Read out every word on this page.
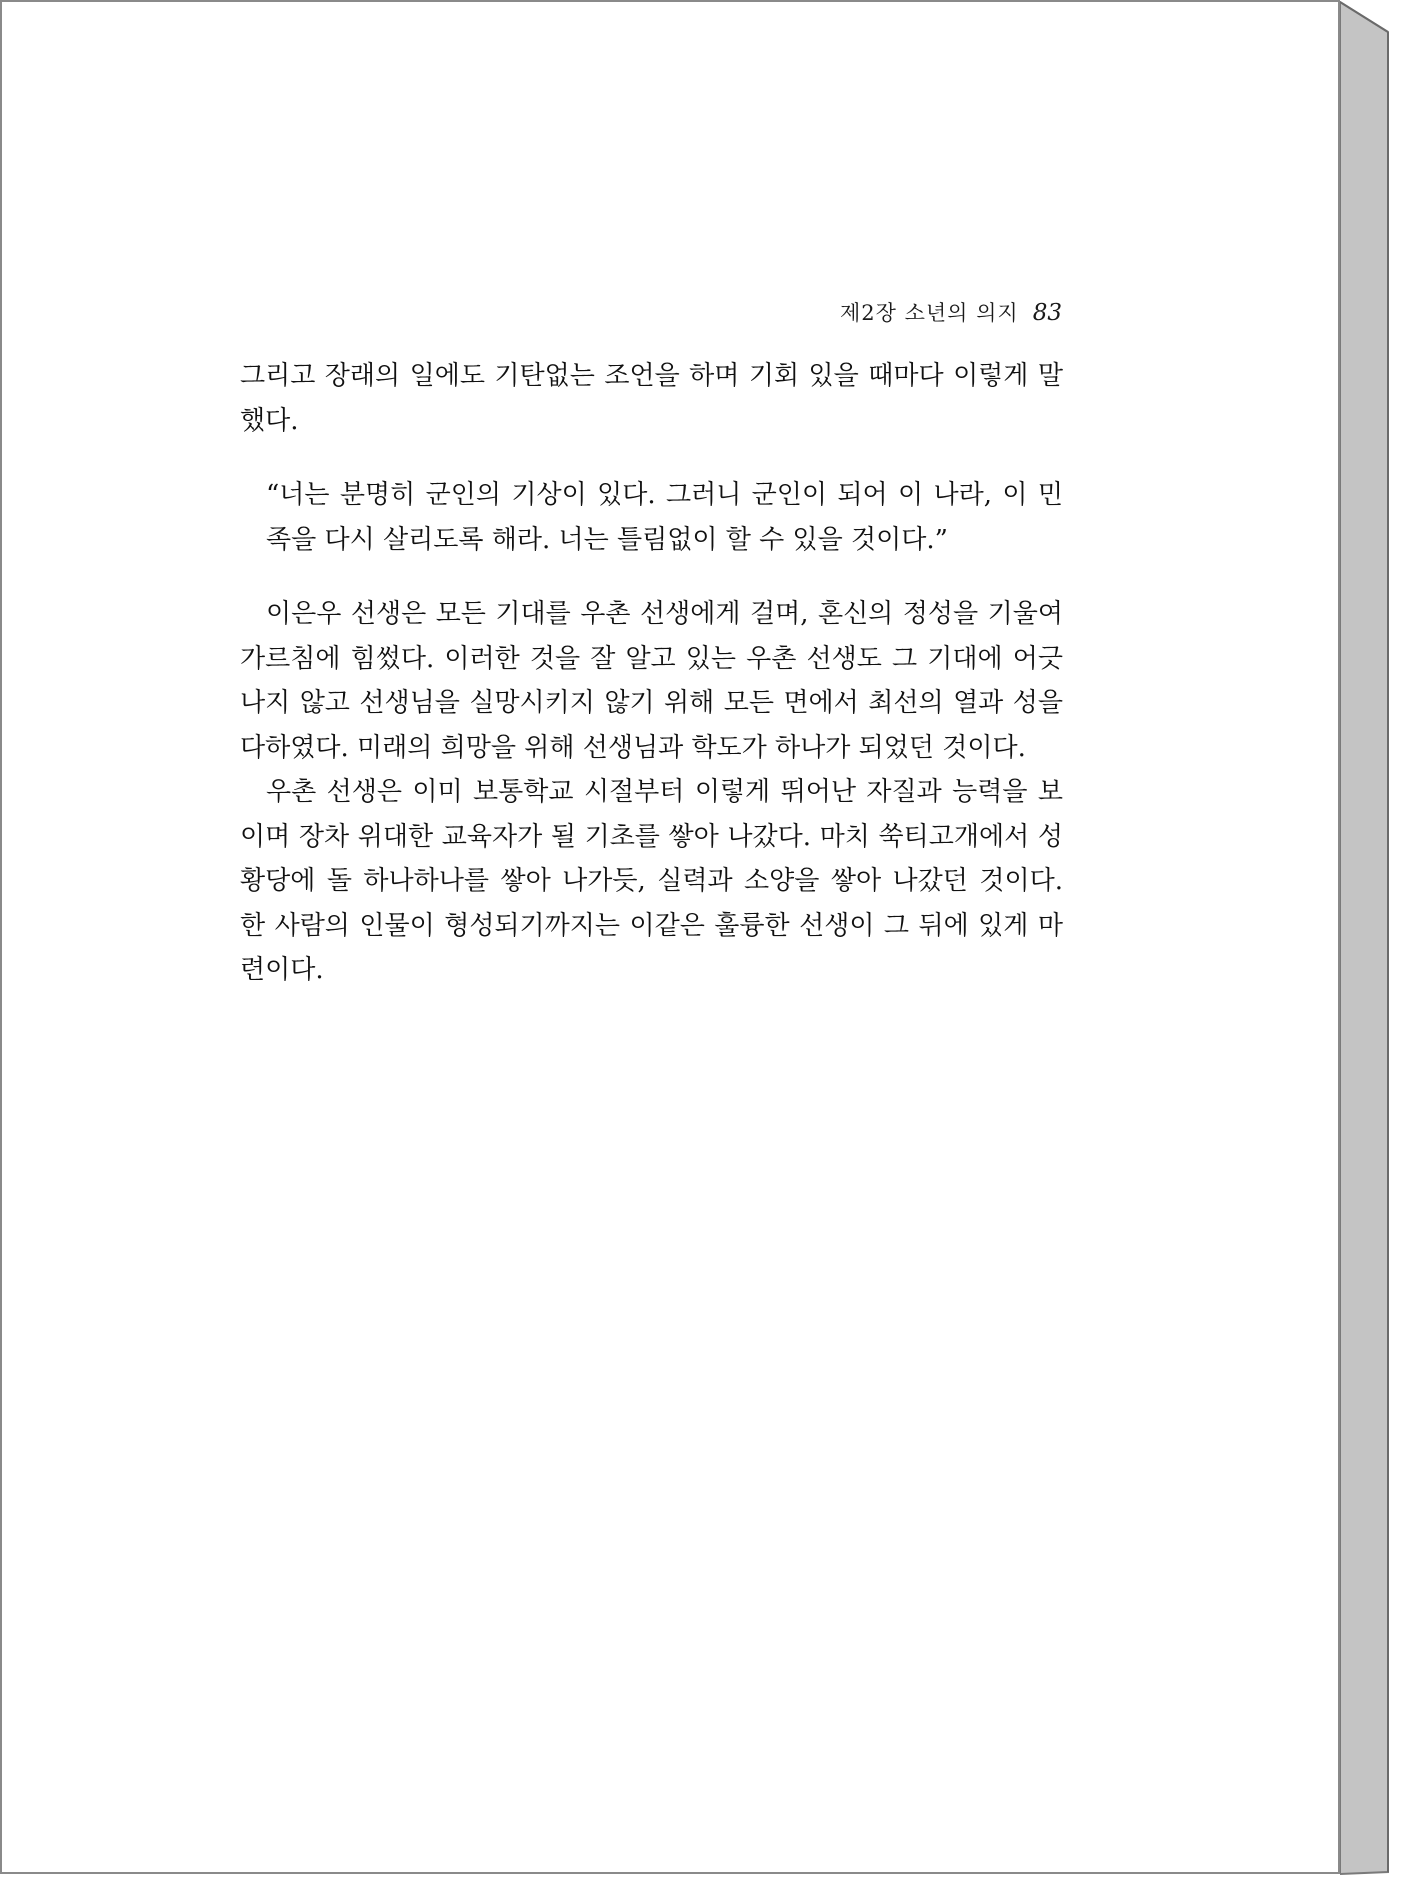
제2장 소년의 의지 83

그리고 장래의 일에도 기탄없는 조언을 하며 기회 있을 때마다 이렇게 말했다.

“너는 분명히 군인의 기상이 있다. 그러니 군인이 되어 이 나라, 이 민족을 다시 살리도록 해라. 너는 틀림없이 할 수 있을 것이다.”

이은우 선생은 모든 기대를 우촌 선생에게 걸며, 혼신의 정성을 기울여 가르침에 힘썼다. 이러한 것을 잘 알고 있는 우촌 선생도 그 기대에 어긋나지 않고 선생님을 실망시키지 않기 위해 모든 면에서 최선의 열과 성을 다하였다. 미래의 희망을 위해 선생님과 학도가 하나가 되었던 것이다.

우촌 선생은 이미 보통학교 시절부터 이렇게 뛰어난 자질과 능력을 보이며 장차 위대한 교육자가 될 기초를 쌓아 나갔다. 마치 쑥티고개에서 성황당에 돌 하나하나를 쌓아 나가듯, 실력과 소양을 쌓아 나갔던 것이다. 한 사람의 인물이 형성되기까지는 이같은 훌륭한 선생이 그 뒤에 있게 마련이다.
